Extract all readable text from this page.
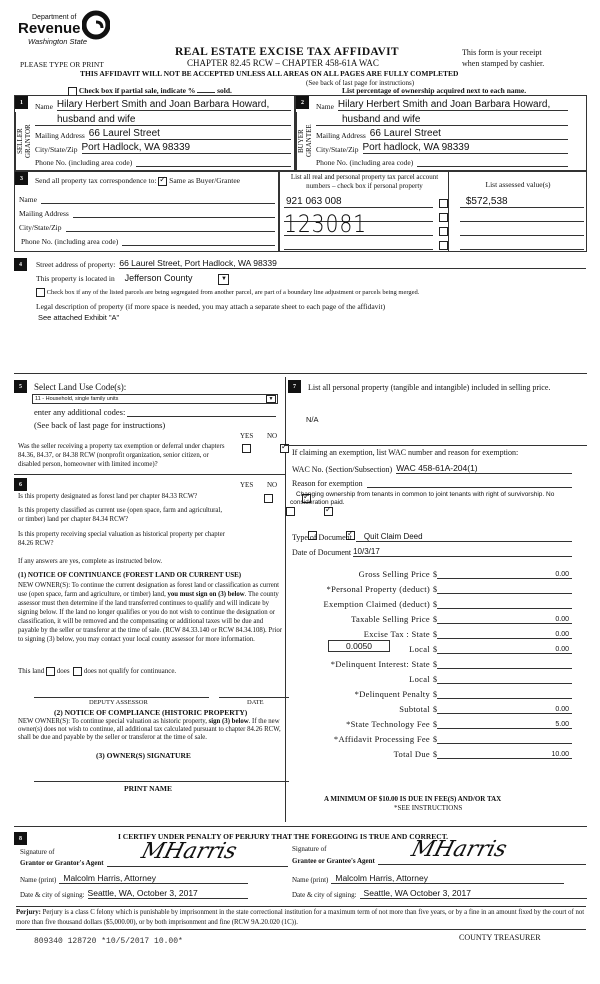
Department of
Revenue
Washington State
PLEASE TYPE OR PRINT
REAL ESTATE EXCISE TAX AFFIDAVIT
CHAPTER 82.45 RCW – CHAPTER 458-61A WAC
This form is your receipt
when stamped by cashier.
THIS AFFIDAVIT WILL NOT BE ACCEPTED UNLESS ALL AREAS ON ALL PAGES ARE FULLY COMPLETED
(See back of last page for instructions)
Check box if partial sale, indicate %	sold.	List percentage of ownership acquired next to each name.
1
SELLER GRANTOR
Name Hilary Herbert Smith and Joan Barbara Howard,
husband and wife
Mailing Address 66 Laurel Street
City/State/Zip Port Hadlock, WA 98339
Phone No. (including area code)
2
BUYER GRANTEE
Name Hilary Herbert Smith and Joan Barbara Howard,
husband and wife
Mailing Address 66 Laurel Street
City/State/Zip Port hadlock, WA 98339
Phone No. (including area code)
3	Send all property tax correspondence to: ✓ Same as Buyer/Grantee
Name
Mailing Address
City/State/Zip
Phone No. (including area code)
List all real and personal property tax parcel account numbers – check box if personal property	List assessed value(s)
921 063 008	$572,538
123081
4	Street address of property: 66 Laurel Street, Port Hadlock, WA 98339
This property is located in Jefferson County	▼
Check box if any of the listed parcels are being segregated from another parcel, are part of a boundary line adjustment or parcels being merged.
Legal description of property (if more space is needed, you may attach a separate sheet to each page of the affidavit)
See attached Exhibit "A"
5	Select Land Use Code(s):
11 - Household, single family units	▼
enter any additional codes:
(See back of last page for instructions)
YES NO
Was the seller receiving a property tax exemption or deferral under chapters 84.36, 84.37, or 84.38 RCW (nonprofit organization, senior citizen, or disabled person, homeowner with limited income)?
✓
6	YES NO
Is this property designated as forest land per chapter 84.33 RCW?
✓
Is this property classified as current use (open space, farm and agricultural, or timber) land per chapter 84.34 RCW?
✓
Is this property receiving special valuation as historical property per chapter 84.26 RCW?
✓
If any answers are yes, complete as instructed below.
(1) NOTICE OF CONTINUANCE (FOREST LAND OR CURRENT USE)
NEW OWNER(S): To continue the current designation as forest land or classification as current use (open space, farm and agriculture, or timber) land, you must sign on (3) below. The county assessor must then determine if the land transferred continues to qualify and will indicate by signing below. If the land no longer qualifies or you do not wish to continue the designation or classification, it will be removed and the compensating or additional taxes will be due and payable by the seller or transferor at the time of sale. (RCW 84.33.140 or RCW 84.34.108). Prior to signing (3) below, you may contact your local county assessor for more information.
This land does does not qualify for continuance.
DEPUTY ASSESSOR	DATE
(2) NOTICE OF COMPLIANCE (HISTORIC PROPERTY)
NEW OWNER(S): To continue special valuation as historic property, sign (3) below. If the new owner(s) does not wish to continue, all additional tax calculated pursuant to chapter 84.26 RCW, shall be due and payable by the seller or transferor at the time of sale.
(3) OWNER(S) SIGNATURE
PRINT NAME
7	List all personal property (tangible and intangible) included in selling price.
N/A
If claiming an exemption, list WAC number and reason for exemption:
WAC No. (Section/Subsection) WAC 458-61A-204(1)
Reason for exemption
Changing ownership from tenants in common to joint tenants with right of survivorship. No consideration paid.
Type of Document	Quit Claim Deed
Date of Document 10/3/17
Gross Selling Price $	0.00
*Personal Property (deduct) $
Exemption Claimed (deduct) $
Taxable Selling Price $	0.00
Excise Tax : State $	0.00
0.0050	Local $	0.00
*Delinquent Interest: State $
Local $
*Delinquent Penalty $
Subtotal $	0.00
*State Technology Fee $	5.00
*Affidavit Processing Fee $
Total Due $	10.00
A MINIMUM OF $10.00 IS DUE IN FEE(S) AND/OR TAX
*SEE INSTRUCTIONS
8	I CERTIFY UNDER PENALTY OF PERJURY THAT THE FOREGOING IS TRUE AND CORRECT.
Signature of
Grantor or Grantor's Agent MHarris
Name (print) Malcolm Harris, Attorney
Date & city of signing: Seattle, WA, October 3, 2017
Signature of
Grantee or Grantee's Agent MHarris
Name (print) Malcolm Harris, Attorney
Date & city of signing: Seattle, WA October 3, 2017
Perjury: Perjury is a class C felony which is punishable by imprisonment in the state correctional institution for a maximum term of not more than five years, or by a fine in an amount fixed by the court of not more than five thousand dollars ($5,000.00), or by both imprisonment and fine (RCW 9A.20.020 (1C)).
809340 128720 *10/5/2017 10.00*	COUNTY TREASURER
